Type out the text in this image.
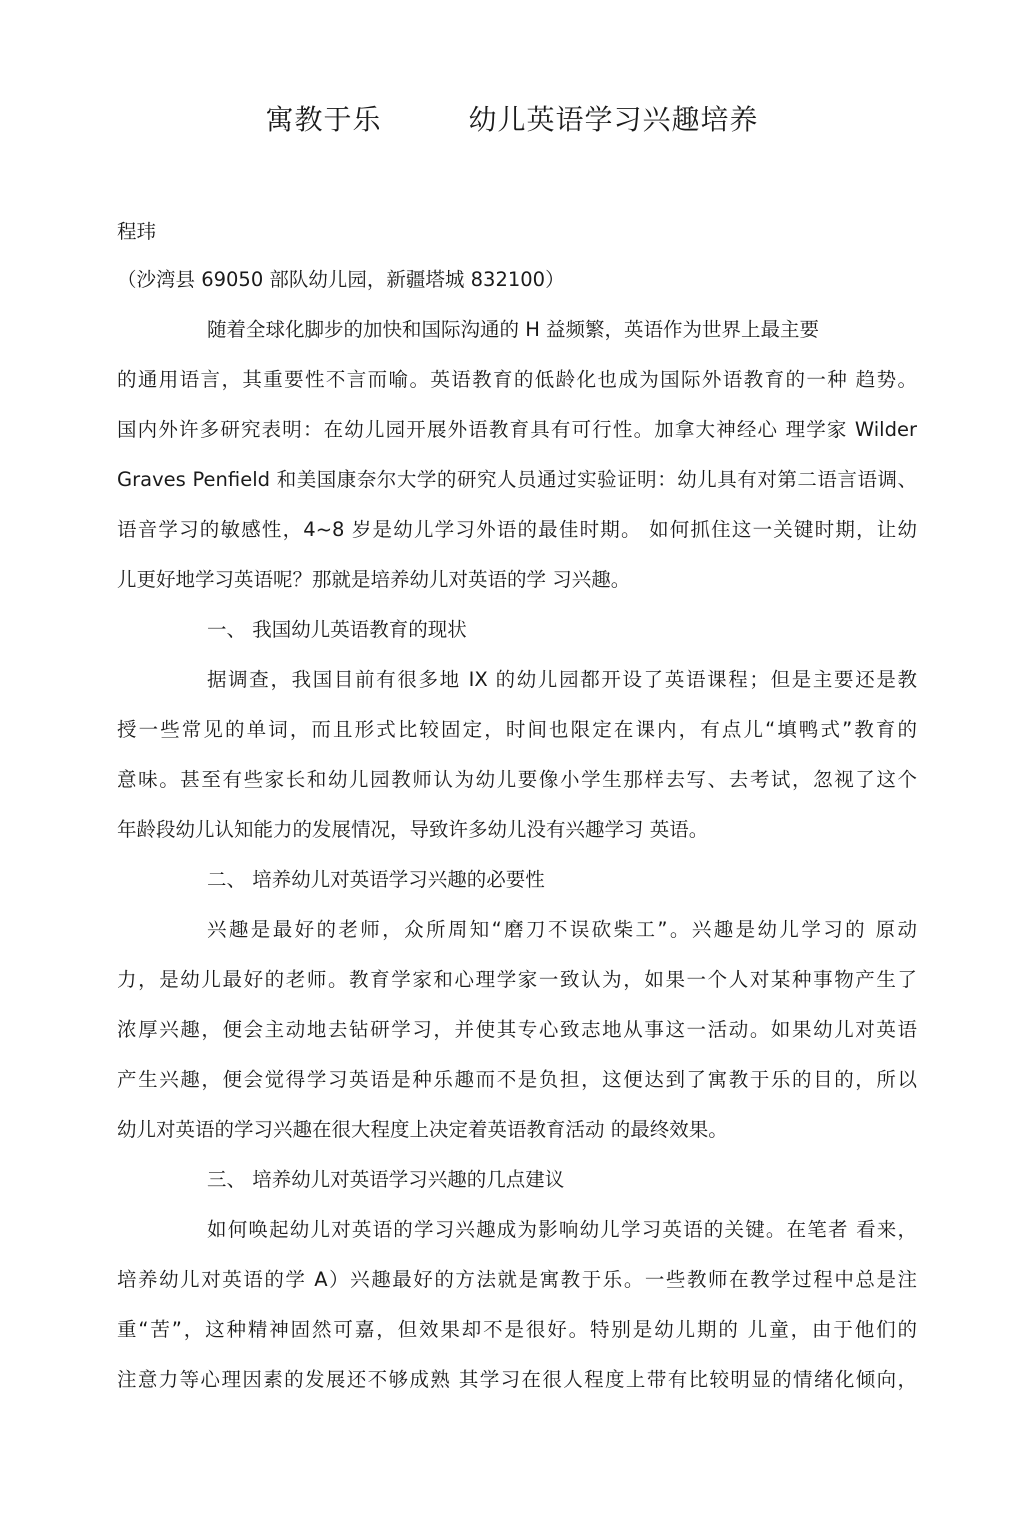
寓教于乐　　　幼儿英语学习兴趣培养
程玮
（沙湾县 69050 部队幼儿园，新疆塔城 832100）
随着全球化脚步的加快和国际沟通的 H 益频繁，英语作为世界上最主要
的通用语言，其重要性不言而喻。英语教育的低龄化也成为国际外语教育的一种 趋势。
国内外许多研究表明：在幼儿园开展外语教育具有可行性。加拿大神经心 理学家 Wilder
Graves Penfield 和美国康奈尔大学的研究人员通过实验证明：幼儿具有对第二语言语调、
语音学习的敏感性，4~8 岁是幼儿学习外语的最佳时期。 如何抓住这一关键时期，让幼
儿更好地学习英语呢？那就是培养幼儿对英语的学 习兴趣。
一、 我国幼儿英语教育的现状
据调查，我国目前有很多地 IX 的幼儿园都开设了英语课程；但是主要还是教
授一些常见的单词，而且形式比较固定，时间也限定在课内，有点儿“填鸭式”教育的
意味。甚至有些家长和幼儿园教师认为幼儿要像小学生那样去写、去考试，忽视了这个
年龄段幼儿认知能力的发展情况，导致许多幼儿没有兴趣学习 英语。
二、 培养幼儿对英语学习兴趣的必要性
兴趣是最好的老师，众所周知“磨刀不误砍柴工”。兴趣是幼儿学习的 原动
力，是幼儿最好的老师。教育学家和心理学家一致认为，如果一个人对某种事物产生了
浓厚兴趣，便会主动地去钻研学习，并使其专心致志地从事这一活动。如果幼儿对英语
产生兴趣，便会觉得学习英语是种乐趣而不是负担，这便达到了寓教于乐的目的，所以
幼儿对英语的学习兴趣在很大程度上决定着英语教育活动 的最终效果。
三、 培养幼儿对英语学习兴趣的几点建议
如何唤起幼儿对英语的学习兴趣成为影响幼儿学习英语的关键。在笔者 看来，
培养幼儿对英语的学 A）兴趣最好的方法就是寓教于乐。一些教师在教学过程中总是注
重“苦”，这种精神固然可嘉，但效果却不是很好。特别是幼儿期的 儿童，由于他们的
注意力等心理因素的发展还不够成熟 其学习在很人程度上带有比较明显的情绪化倾向，
